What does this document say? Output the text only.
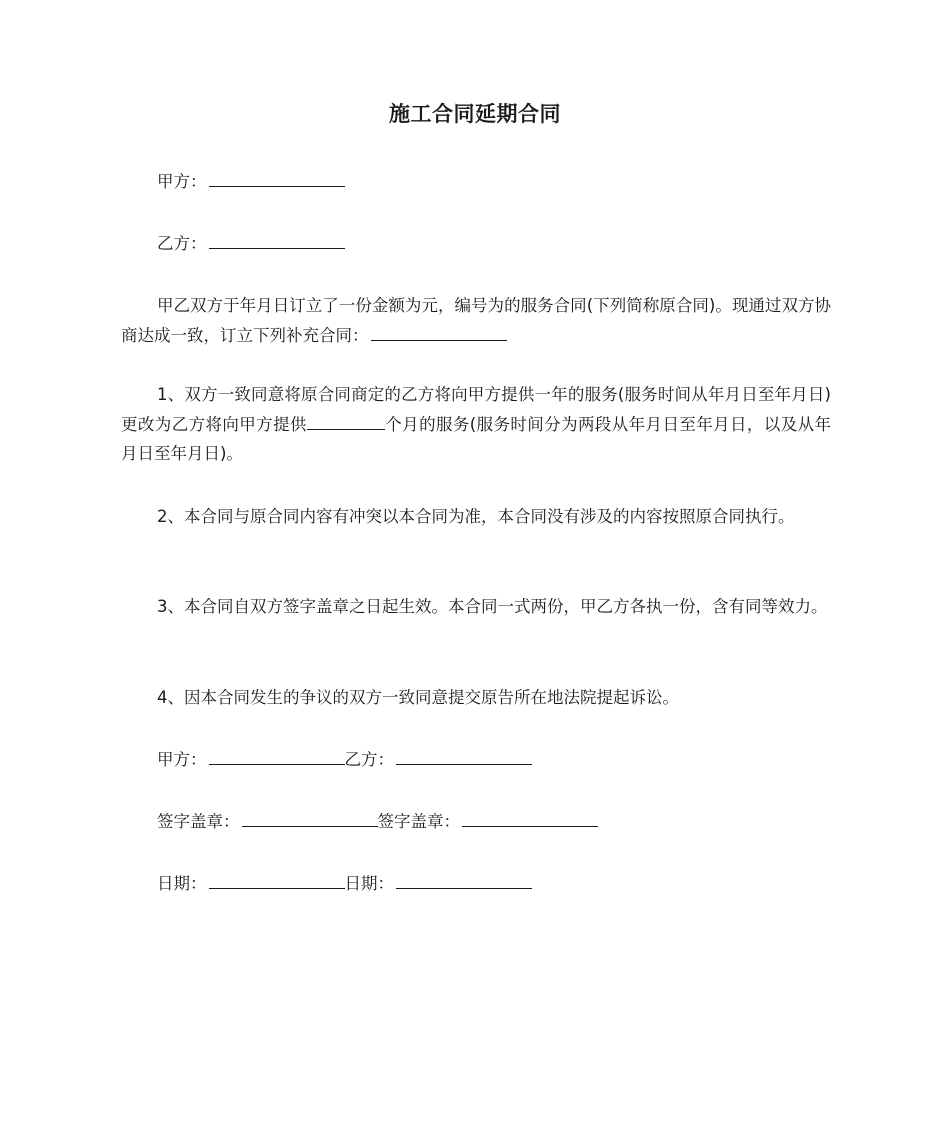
施工合同延期合同
甲方：
乙方：

甲乙双方于年月日订立了一份金额为元，编号为的服务合同(下列简称原合同)。现通过双方协商达成一致，订立下列补充合同：

1、双方一致同意将原合同商定的乙方将向甲方提供一年的服务(服务时间从年月日至年月日)更改为乙方将向甲方提供	个月的服务(服务时间分为两段从年月日至年月日，以及从年月日至年月日)。

2、本合同与原合同内容有冲突以本合同为准，本合同没有涉及的内容按照原合同执行。

3、本合同自双方签字盖章之日起生效。本合同一式两份，甲乙方各执一份，含有同等效力。

4、因本合同发生的争议的双方一致同意提交原告所在地法院提起诉讼。

甲方：	乙方：
签字盖章：	签字盖章：
日期：	日期：
